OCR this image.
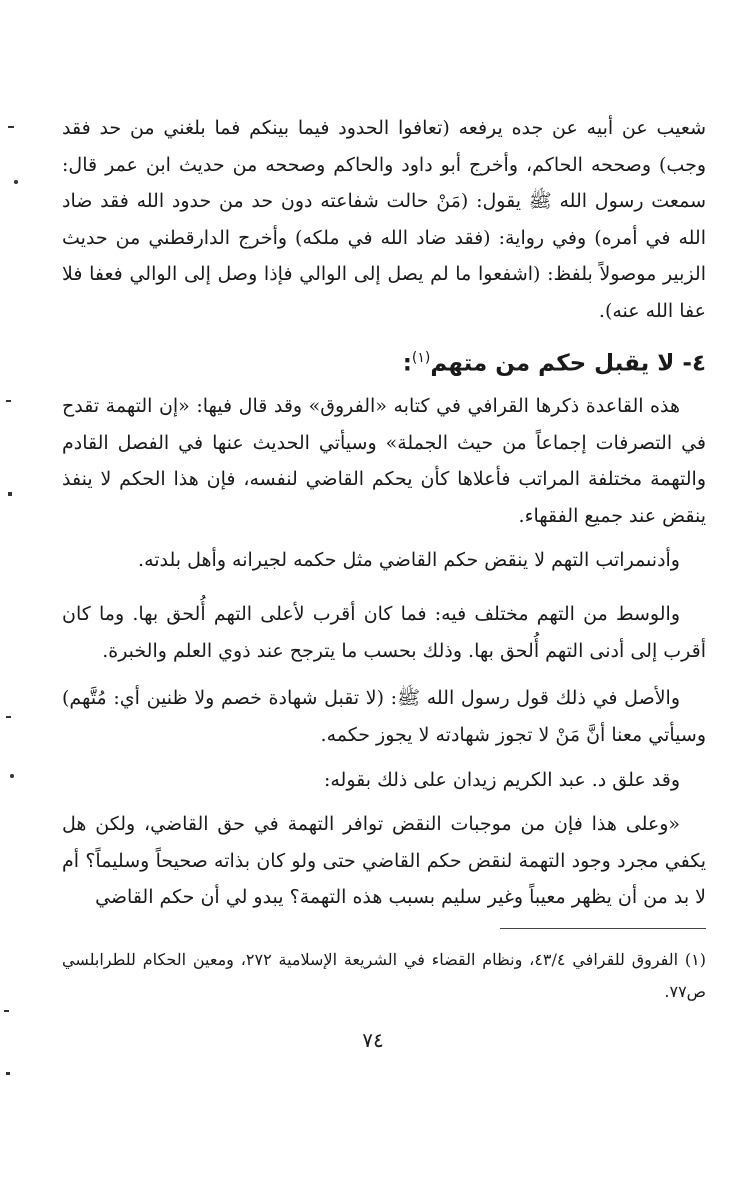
شعيب عن أبيه عن جده يرفعه (تعافوا الحدود فيما بينكم فما بلغني من حد فقد وجب) وصححه الحاكم، وأخرج أبو داود والحاكم وصححه من حديث ابن عمر قال: سمعت رسول الله ﷺ يقول: (مَنْ حالت شفاعته دون حد من حدود الله فقد ضاد الله في أمره) وفي رواية: (فقد ضاد الله في ملكه) وأخرج الدارقطني من حديث الزبير موصولاً بلفظ: (اشفعوا ما لم يصل إلى الوالي فإذا وصل إلى الوالي فعفا فلا عفا الله عنه).

٤- لا يقبل حكم من متهم$^{(١)}$:

هذه القاعدة ذكرها القرافي في كتابه «الفروق» وقد قال فيها: «إن التهمة تقدح في التصرفات إجماعاً من حيث الجملة» وسيأتي الحديث عنها في الفصل القادم والتهمة مختلفة المراتب فأعلاها كأن يحكم القاضي لنفسه، فإن هذا الحكم لا ينفذ ينقض عند جميع الفقهاء.

وأدنىمراتب التهم لا ينقض حكم القاضي مثل حكمه لجيرانه وأهل بلدته.

والوسط من التهم مختلف فيه: فما كان أقرب لأعلى التهم أُلحق بها. وما كان أقرب إلى أدنى التهم أُلحق بها. وذلك بحسب ما يترجح عند ذوي العلم والخبرة.

والأصل في ذلك قول رسول الله ﷺ: (لا تقبل شهادة خصم ولا ظنين أي: مُتَّهم) وسيأتي معنا أنَّ مَنْ لا تجوز شهادته لا يجوز حكمه.

وقد علق د. عبد الكريم زيدان على ذلك بقوله:

«وعلى هذا فإن من موجبات النقض توافر التهمة في حق القاضي، ولكن هل يكفي مجرد وجود التهمة لنقض حكم القاضي حتى ولو كان بذاته صحيحاً وسليماً؟ أم لا بد من أن يظهر معيباً وغير سليم بسبب هذه التهمة؟ يبدو لي أن حكم القاضي

(١) الفروق للقرافي ٤٣/٤، ونظام القضاء في الشريعة الإسلامية ٢٧٢، ومعين الحكام للطرابلسي ص٧٧.

٧٤
